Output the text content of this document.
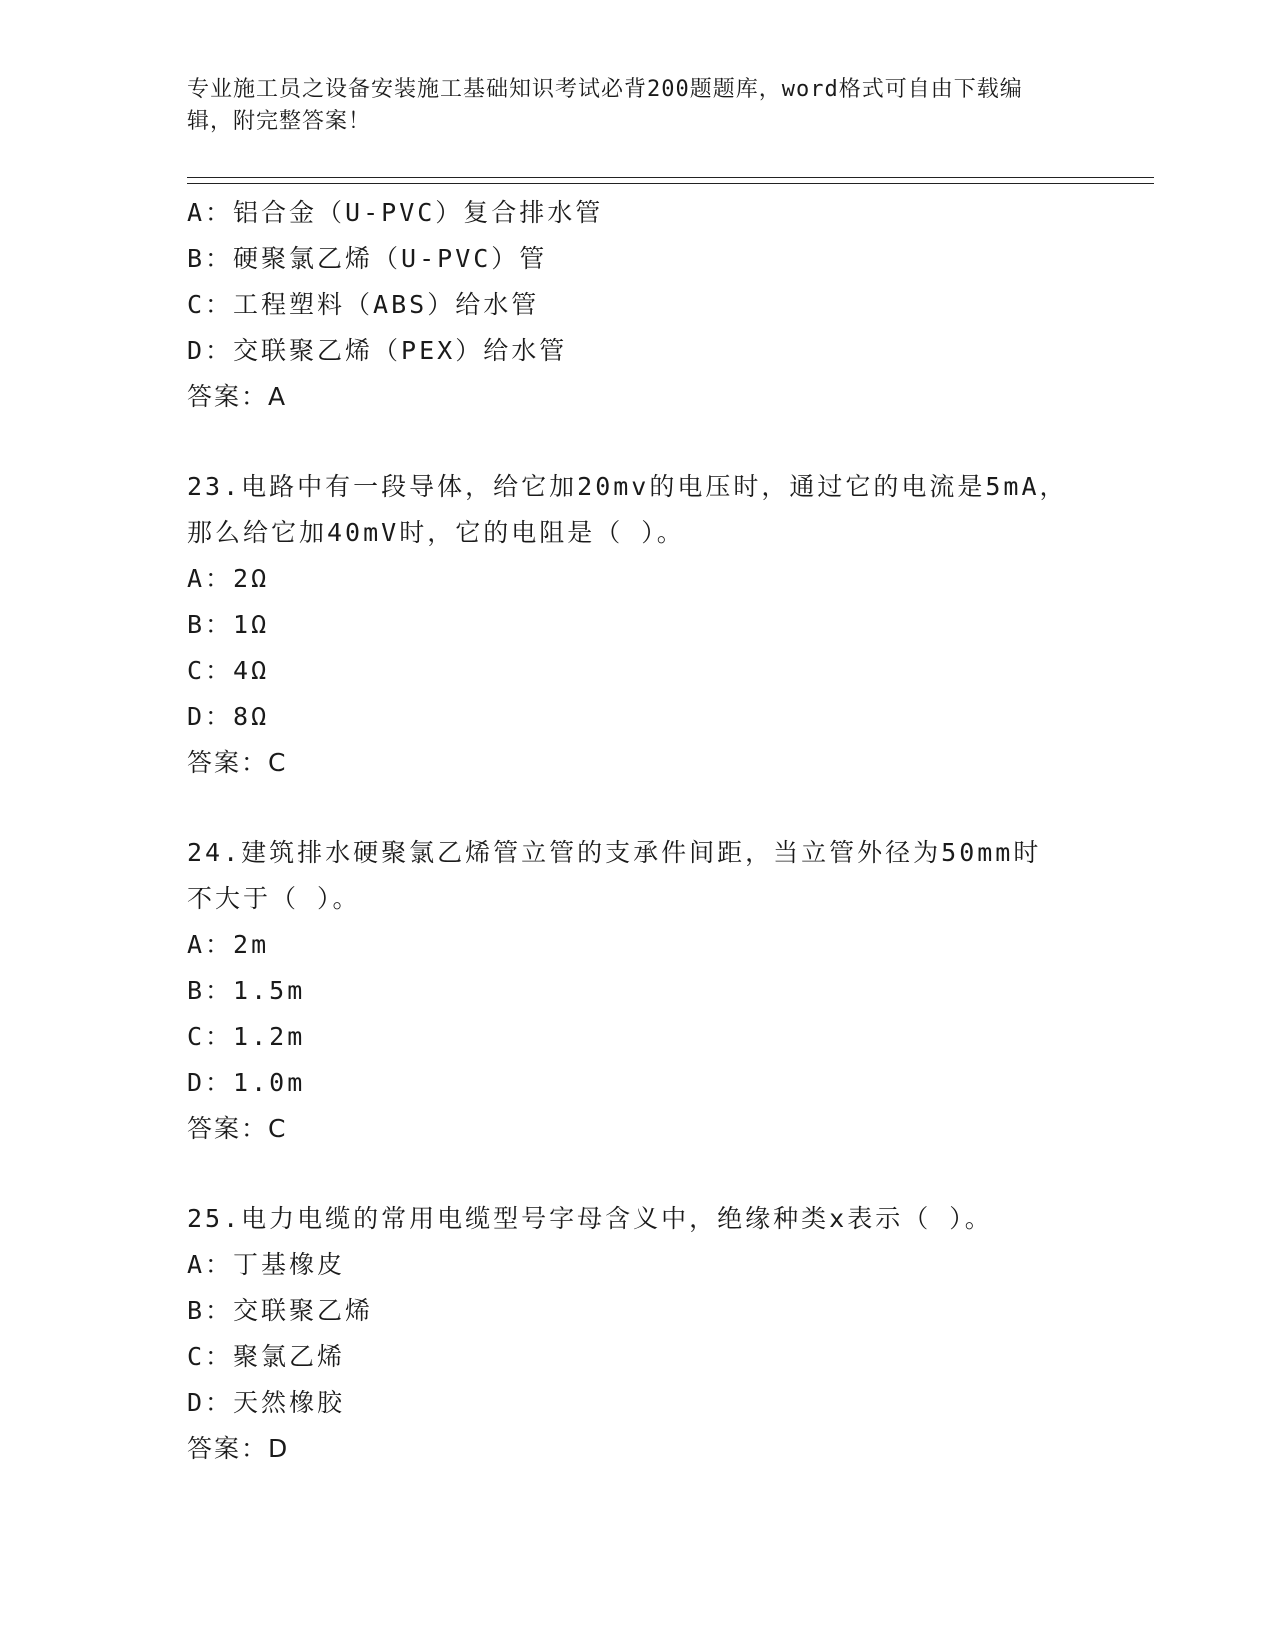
专业施工员之设备安装施工基础知识考试必背200题题库，word格式可自由下载编辑，附完整答案！
A：铝合金（U-PVC）复合排水管
B：硬聚氯乙烯（U-PVC）管
C：工程塑料（ABS）给水管
D：交联聚乙烯（PEX）给水管
答案：A
23.电路中有一段导体，给它加20mv的电压时，通过它的电流是5mA，
那么给它加40mV时，它的电阻是（ ）。
A：2Ω
B：1Ω
C：4Ω
D：8Ω
答案：C
24.建筑排水硬聚氯乙烯管立管的支承件间距，当立管外径为50mm时
不大于（ ）。
A：2m
B：1.5m
C：1.2m
D：1.0m
答案：C
25.电力电缆的常用电缆型号字母含义中，绝缘种类x表示（ ）。
A：丁基橡皮
B：交联聚乙烯
C：聚氯乙烯
D：天然橡胶
答案：D
